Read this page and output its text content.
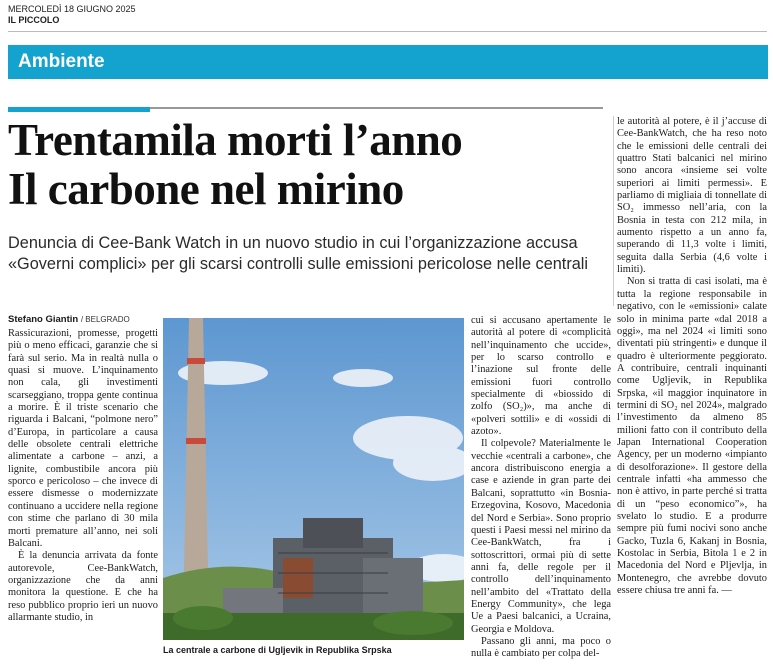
MERCOLEDÌ 18 GIUGNO 2025
IL PICCOLO
Ambiente
Trentamila morti l’anno
Il carbone nel mirino
Denuncia di Cee-Bank Watch in un nuovo studio in cui l’organizzazione accusa «Governi complici» per gli scarsi controlli sulle emissioni pericolose nelle centrali
Stefano Giantin / BELGRADO

Rassicurazioni, promesse, progetti più o meno efficaci, garanzie che si farà sul serio. Ma in realtà nulla o quasi si muove. L’inquinamento non cala, gli investimenti scarseggiano, troppa gente continua a morire. È il triste scenario che riguarda i Balcani, “polmone nero” d’Europa, in particolare a causa delle obsolete centrali elettriche alimentate a carbone – anzi, a lignite, combustibile ancora più sporco e pericoloso – che invece di essere dismesse o modernizzate continuano a uccidere nella regione con stime che parlano di 30 mila morti premature all’anno, nei soli Balcani.

È la denuncia arrivata da fonte autorevole, Cee-BankWatch, organizzazione che da anni monitora la questione. E che ha reso pubblico proprio ieri un nuovo allarmante studio, in

La centrale a carbone di Ugljevik in Republika Srpska

cui si accusano apertamente le autorità al potere di «complicità nell’inquinamento che uccide», per lo scarso controllo e l’inazione sul fronte delle emissioni fuori controllo specialmente di «biossido di zolfo (SO₂)», ma anche di «polveri sottili» e di «ossidi di azoto».

Il colpevole? Materialmente le vecchie «centrali a carbone», che ancora distribuiscono energia a case e aziende in gran parte dei Balcani, soprattutto «in Bosnia-Erzegovina, Kosovo, Macedonia del Nord e Serbia». Sono proprio questi i Paesi messi nel mirino da Cee-BankWatch, fra i sottoscrittori, ormai più di sette anni fa, delle regole per il controllo dell’inquinamento nell’ambito del «Trattato della Energy Community», che lega Ue a Paesi balcanici, a Ucraina, Georgia e Moldova.

Passano gli anni, ma poco o nulla è cambiato per colpa del-

le autorità al potere, è il j’accuse di Cee-BankWatch, che ha reso noto che le emissioni delle centrali dei quattro Stati balcanici nel mirino sono ancora «insieme sei volte superiori ai limiti permessi». E parliamo di migliaia di tonnellate di SO₂ immesso nell’aria, con la Bosnia in testa con 212 mila, in aumento rispetto a un anno fa, superando di 11,3 volte i limiti, seguita dalla Serbia (4,6 volte i limiti).

Non si tratta di casi isolati, ma è tutta la regione responsabile in negativo, con le «emissioni» calate solo in minima parte «dal 2018 a oggi», ma nel 2024 «i limiti sono diventati più stringenti» e dunque il quadro è ulteriormente peggiorato. A contribuire, centrali inquinanti come Ugljevik, in Republika Srpska, «il maggior inquinatore in termini di SO₂ nel 2024», malgrado l’investimento da almeno 85 milioni fatto con il contributo della Japan International Cooperation Agency, per un moderno «impianto di desolforazione». Il gestore della centrale infatti «ha ammesso che non è attivo, in parte perché si tratta di un “peso economico”», ha svelato lo studio. E a produrre sempre più fumi nocivi sono anche Gacko, Tuzla 6, Kakanj in Bosnia, Kostolac in Serbia, Bitola 1 e 2 in Macedonia del Nord e Pljevlja, in Montenegro, che avrebbe dovuto essere chiusa tre anni fa. —
